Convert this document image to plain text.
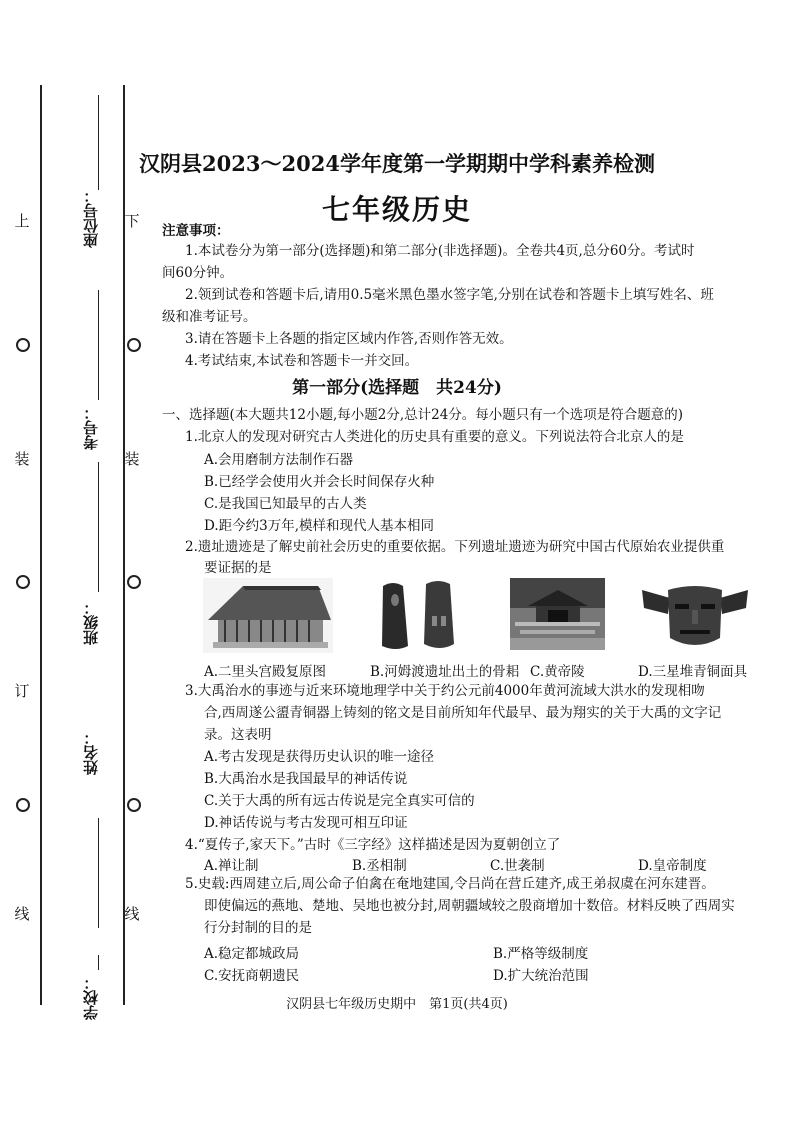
上
装
订
线
下
装
线
座位号：
考号：
班级：
姓名：
学校：
汉阴县2023～2024学年度第一学期期中学科素养检测
七年级历史
注意事项：
1.本试卷分为第一部分(选择题)和第二部分(非选择题)。全卷共4页,总分60分。考试时
间60分钟。
2.领到试卷和答题卡后,请用0.5毫米黑色墨水签字笔,分别在试卷和答题卡上填写姓名、班
级和准考证号。
3.请在答题卡上各题的指定区域内作答,否则作答无效。
4.考试结束,本试卷和答题卡一并交回。
第一部分(选择题　共24分)
一、选择题(本大题共12小题,每小题2分,总计24分。每小题只有一个选项是符合题意的)
1.北京人的发现对研究古人类进化的历史具有重要的意义。下列说法符合北京人的是
A.会用磨制方法制作石器
B.已经学会使用火并会长时间保存火种
C.是我国已知最早的古人类
D.距今约3万年,模样和现代人基本相同
2.遗址遗迹是了解史前社会历史的重要依据。下列遗址遗迹为研究中国古代原始农业提供重
要证据的是
A.二里头宫殿复原图	B.河姆渡遗址出土的骨耜 C.黄帝陵	D.三星堆青铜面具
3.大禹治水的事迹与近来环境地理学中关于约公元前4000年黄河流域大洪水的发现相吻
合,西周遂公盨青铜器上铸刻的铭文是目前所知年代最早、最为翔实的关于大禹的文字记
录。这表明
A.考古发现是获得历史认识的唯一途径
B.大禹治水是我国最早的神话传说
C.关于大禹的所有远古传说是完全真实可信的
D.神话传说与考古发现可相互印证
4.“夏传子,家天下。”古时《三字经》这样描述是因为夏朝创立了
A.禅让制	B.丞相制	C.世袭制	D.皇帝制度
5.史载:西周建立后,周公命子伯禽在奄地建国,令吕尚在营丘建齐,成王弟叔虞在河东建晋。
即使偏远的燕地、楚地、吴地也被分封,周朝疆域较之殷商增加十数倍。材料反映了西周实
行分封制的目的是
A.稳定都城政局	B.严格等级制度
C.安抚商朝遗民	D.扩大统治范围
汉阴县七年级历史期中　第1页(共4页)
